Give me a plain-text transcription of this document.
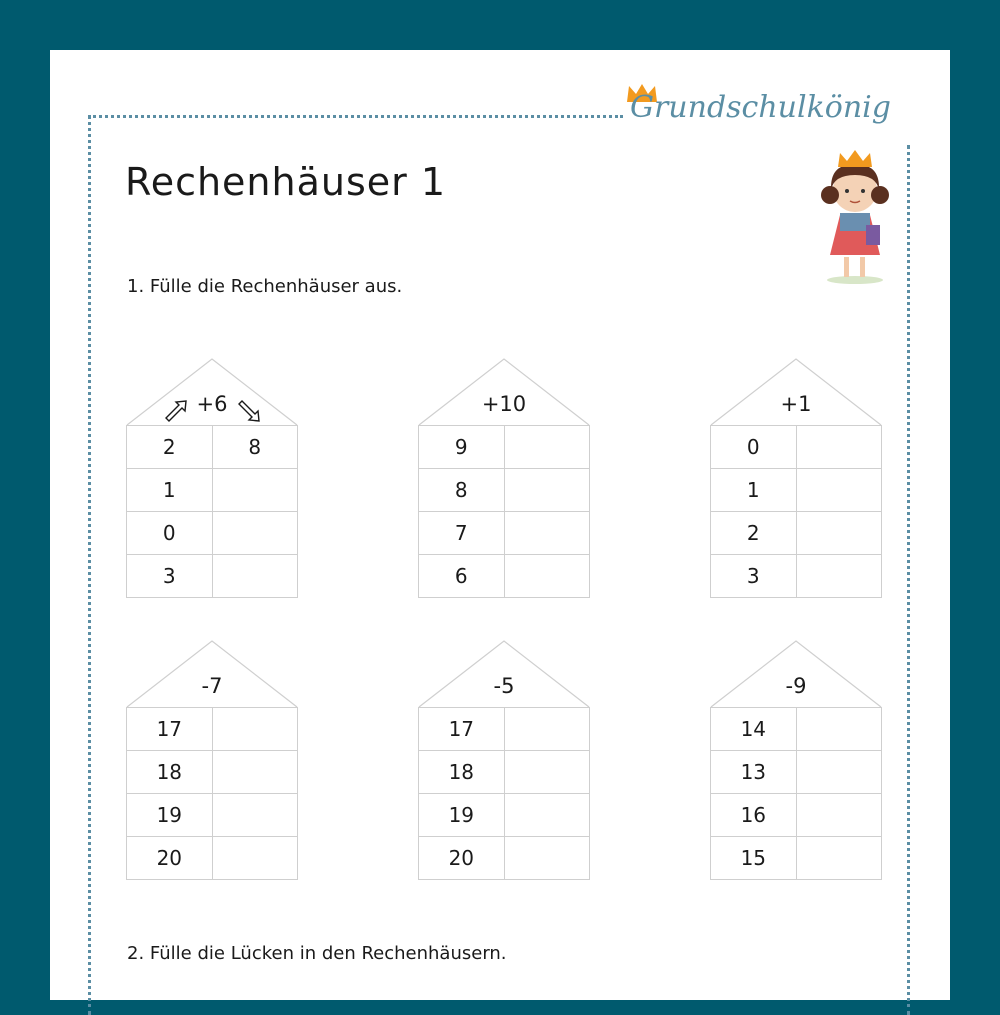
Grundschulkönig
Rechenhäuser 1
1. Fülle die Rechenhäuser aus.
+6
2	8
1	
0	
3	
+10
9	
8	
7	
6	
+1
0	
1	
2	
3	
-7
17	
18	
19	
20	
-5
17	
18	
19	
20	
-9
14	
13	
16	
15	
2. Fülle die Lücken in den Rechenhäusern.
